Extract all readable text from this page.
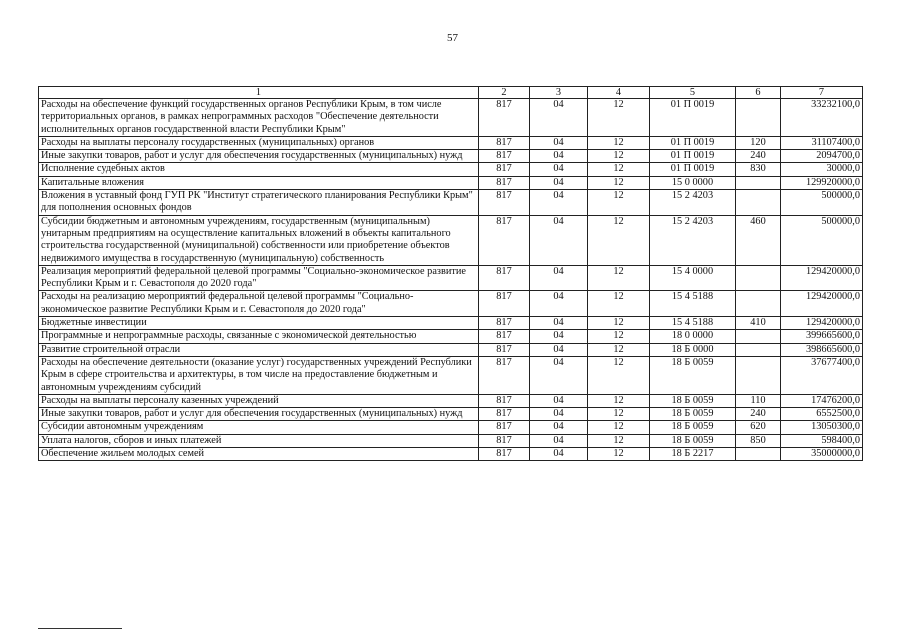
57
1	2	3	4	5	6	7
Расходы на обеспечение функций государственных органов Республики Крым, в том числе территориальных органов, в рамках непрограммных расходов "Обеспечение деятельности исполнительных органов государственной власти Республики Крым"	817	04	12	01 П 0019		33232100,0
Расходы на выплаты персоналу государственных (муниципальных) органов	817	04	12	01 П 0019	120	31107400,0
Иные закупки товаров, работ и услуг для обеспечения государственных (муниципальных) нужд	817	04	12	01 П 0019	240	2094700,0
Исполнение судебных актов	817	04	12	01 П 0019	830	30000,0
Капитальные вложения	817	04	12	15 0 0000		129920000,0
Вложения в уставный фонд ГУП РК "Институт стратегического планирования Республики Крым" для пополнения основных фондов	817	04	12	15 2 4203		500000,0
Субсидии бюджетным и автономным учреждениям, государственным (муниципальным) унитарным предприятиям на осуществление капитальных вложений в объекты капитального строительства государственной (муниципальной) собственности или приобретение объектов недвижимого имущества в государственную (муниципальную) собственность	817	04	12	15 2 4203	460	500000,0
Реализация мероприятий федеральной целевой программы "Социально-экономическое развитие Республики Крым и г. Севастополя до 2020 года"	817	04	12	15 4 0000		129420000,0
Расходы на реализацию мероприятий федеральной целевой программы "Социально-экономическое развитие Республики Крым и г. Севастополя до 2020 года"	817	04	12	15 4 5188		129420000,0
Бюджетные инвестиции	817	04	12	15 4 5188	410	129420000,0
Программные и непрограммные расходы, связанные с экономической деятельностью	817	04	12	18 0 0000		399665600,0
Развитие строительной отрасли	817	04	12	18 Б 0000		398665600,0
Расходы на обеспечение деятельности (оказание услуг) государственных учреждений Республики Крым в сфере строительства и архитектуры, в том числе на предоставление бюджетным и автономным учреждениям субсидий	817	04	12	18 Б 0059		37677400,0
Расходы на выплаты персоналу казенных учреждений	817	04	12	18 Б 0059	110	17476200,0
Иные закупки товаров, работ и услуг для обеспечения государственных (муниципальных) нужд	817	04	12	18 Б 0059	240	6552500,0
Субсидии автономным учреждениям	817	04	12	18 Б 0059	620	13050300,0
Уплата налогов, сборов и иных платежей	817	04	12	18 Б 0059	850	598400,0
Обеспечение жильем молодых семей	817	04	12	18 Б 2217		35000000,0
